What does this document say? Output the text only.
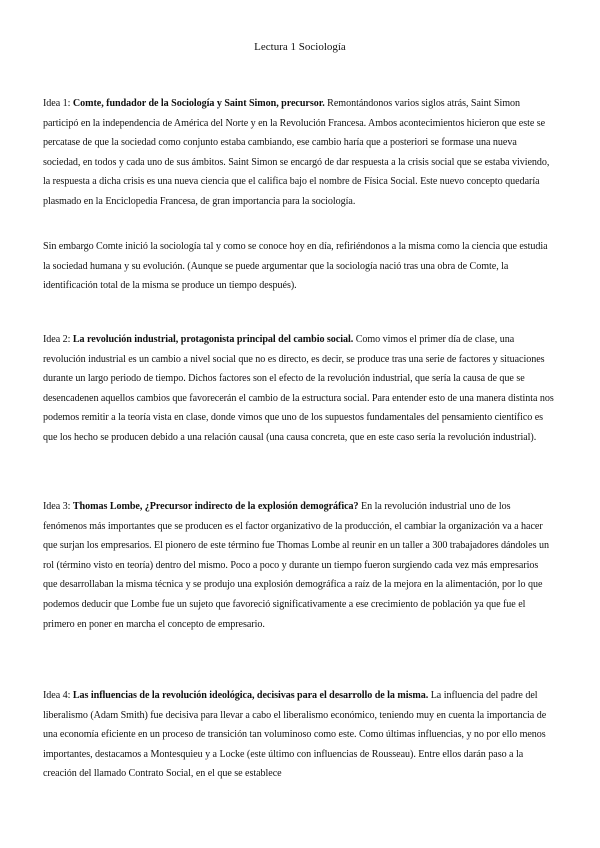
Lectura 1 Sociología

Idea 1: Comte, fundador de la Sociología y Saint Simon, precursor. Remontándonos varios siglos atrás, Saint Simon participó en la independencia de América del Norte y en la Revolución Francesa. Ambos acontecimientos hicieron que este se percatase de que la sociedad como conjunto estaba cambiando, ese cambio haría que a posteriori se formase una nueva sociedad, en todos y cada uno de sus ámbitos. Saint Simon se encargó de dar respuesta a la crisis social que se estaba viviendo, la respuesta a dicha crisis es una nueva ciencia que el califica bajo el nombre de Física Social. Este nuevo concepto quedaría plasmado en la Enciclopedia Francesa, de gran importancia para la sociología.

Sin embargo Comte inició la sociología tal y como se conoce hoy en día, refiriéndonos a la misma como la ciencia que estudia la sociedad humana y su evolución. (Aunque se puede argumentar que la sociología nació tras una obra de Comte, la identificación total de la misma se produce un tiempo después).

Idea 2: La revolución industrial, protagonista principal del cambio social. Como vimos el primer día de clase, una revolución industrial es un cambio a nivel social que no es directo, es decir, se produce tras una serie de factores y situaciones durante un largo periodo de tiempo. Dichos factores son el efecto de la revolución industrial, que sería la causa de que se desencadenen aquellos cambios que favorecerán el cambio de la estructura social. Para entender esto de una manera distinta nos podemos remitir a la teoría vista en clase, donde vimos que uno de los supuestos fundamentales del pensamiento científico es que los hecho se producen debido a una relación causal (una causa concreta, que en este caso sería la revolución industrial).

Idea 3: Thomas Lombe, ¿Precursor indirecto de la explosión demográfica? En la revolución industrial uno de los fenómenos más importantes que se producen es el factor organizativo de la producción, el cambiar la organización va a hacer que surjan los empresarios. El pionero de este término fue Thomas Lombe al reunir en un taller a 300 trabajadores dándoles un rol (término visto en teoría) dentro del mismo. Poco a poco y durante un tiempo fueron surgiendo cada vez más empresarios que desarrollaban la misma técnica y se produjo una explosión demográfica a raíz de la mejora en la alimentación, por lo que podemos deducir que Lombe fue un sujeto que favoreció significativamente a ese crecimiento de población ya que fue el primero en poner en marcha el concepto de empresario.

Idea 4: Las influencias de la revolución ideológica, decisivas para el desarrollo de la misma. La influencia del padre del liberalismo (Adam Smith) fue decisiva para llevar a cabo el liberalismo económico, teniendo muy en cuenta la importancia de una economía eficiente en un proceso de transición tan voluminoso como este. Como últimas influencias, y no por ello menos importantes, destacamos a Montesquieu y a Locke (este último con influencias de Rousseau). Entre ellos darán paso a la creación del llamado Contrato Social, en el que se establece
